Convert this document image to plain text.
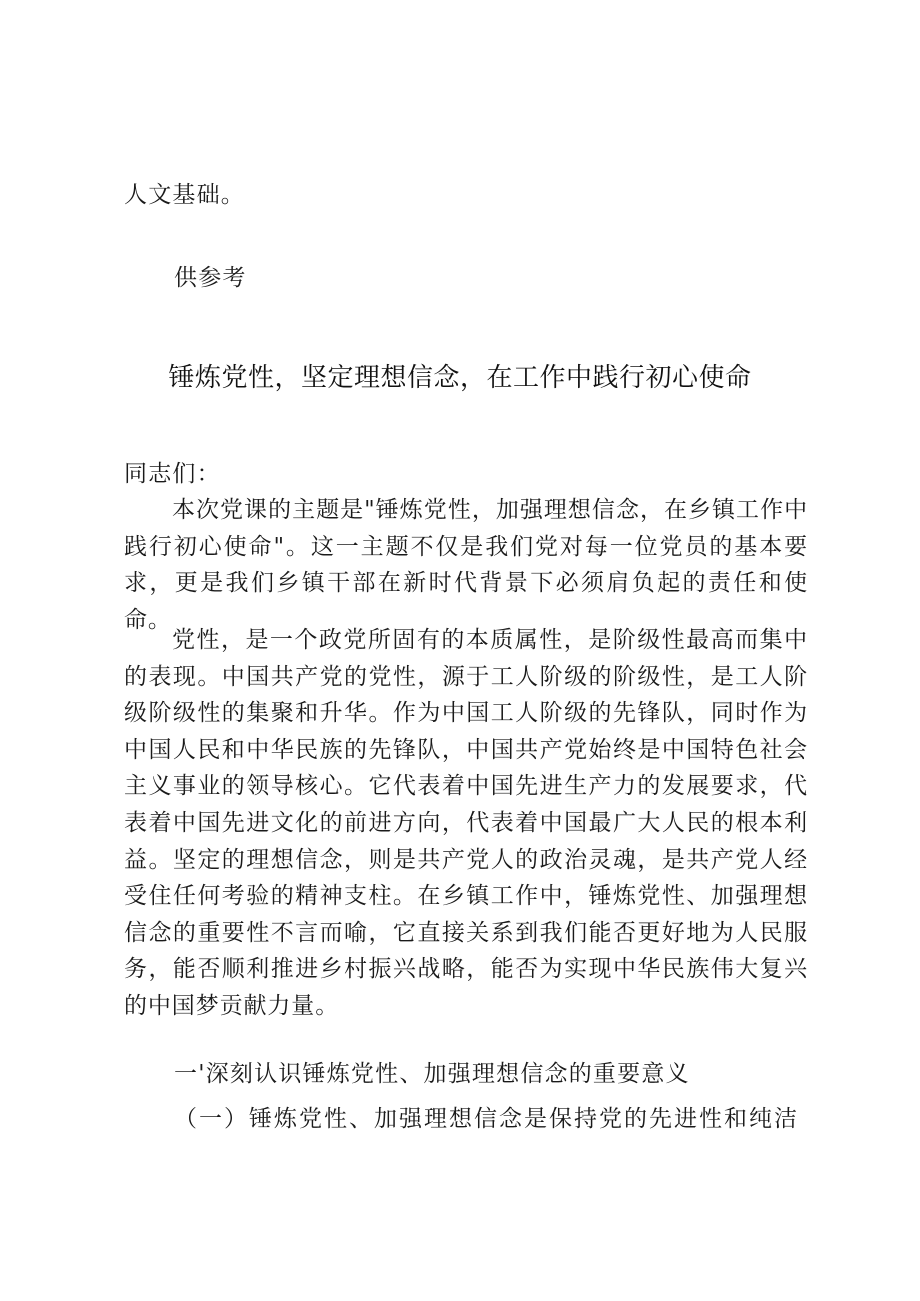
人文基础。
供参考
锤炼党性，坚定理想信念，在工作中践行初心使命
同志们：
本次党课的主题是"锤炼党性，加强理想信念，在乡镇工作中践行初心使命"。这一主题不仅是我们党对每一位党员的基本要求，更是我们乡镇干部在新时代背景下必须肩负起的责任和使命。
党性，是一个政党所固有的本质属性，是阶级性最高而集中的表现。中国共产党的党性，源于工人阶级的阶级性，是工人阶级阶级性的集聚和升华。作为中国工人阶级的先锋队，同时作为中国人民和中华民族的先锋队，中国共产党始终是中国特色社会主义事业的领导核心。它代表着中国先进生产力的发展要求，代表着中国先进文化的前进方向，代表着中国最广大人民的根本利益。坚定的理想信念，则是共产党人的政治灵魂，是共产党人经受住任何考验的精神支柱。在乡镇工作中，锤炼党性、加强理想信念的重要性不言而喻，它直接关系到我们能否更好地为人民服务，能否顺利推进乡村振兴战略，能否为实现中华民族伟大复兴的中国梦贡献力量。
一'深刻认识锤炼党性、加强理想信念的重要意义
（一）锤炼党性、加强理想信念是保持党的先进性和纯洁
